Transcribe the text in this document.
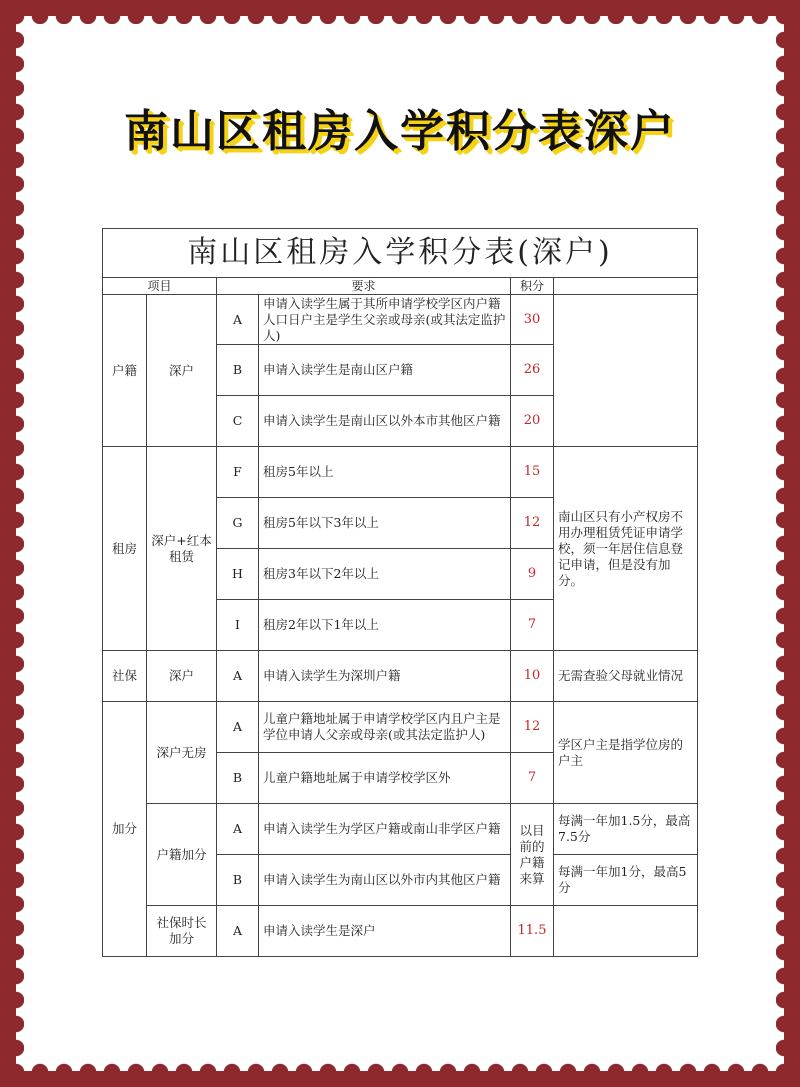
南山区租房入学积分表深户
南山区租房入学积分表(深户)					
项目		要求		积分	
户籍	深户	A	申请入读学生属于其所申请学校学区内户籍人口日户主是学生父亲或母亲(或其法定监护人)	30	
		B	申请入读学生是南山区户籍	26	
		C	申请入读学生是南山区以外本市其他区户籍	20	
租房	深户+红本租赁	F	租房5年以上	15	南山区只有小产权房不用办理租赁凭证申请学校，须一年居住信息登记申请，但是没有加分。
		G	租房5年以下3年以上	12	
		H	租房3年以下2年以上	9	
		I	租房2年以下1年以上	7	
社保	深户	A	申请入读学生为深圳户籍	10	无需查验父母就业情况
加分	深户无房	A	儿童户籍地址属于申请学校学区内且户主是学位申请人父亲或母亲(或其法定监护人)	12	学区户主是指学位房的户主
		B	儿童户籍地址属于申请学校学区外	7	
	户籍加分	A	申请入读学生为学区户籍或南山非学区户籍	以目前的户籍来算	每满一年加1.5分，最高7.5分
		B	申请入读学生为南山区以外市内其他区户籍		每满一年加1分，最高5分
	社保时长加分	A	申请入读学生是深户	11.5	
